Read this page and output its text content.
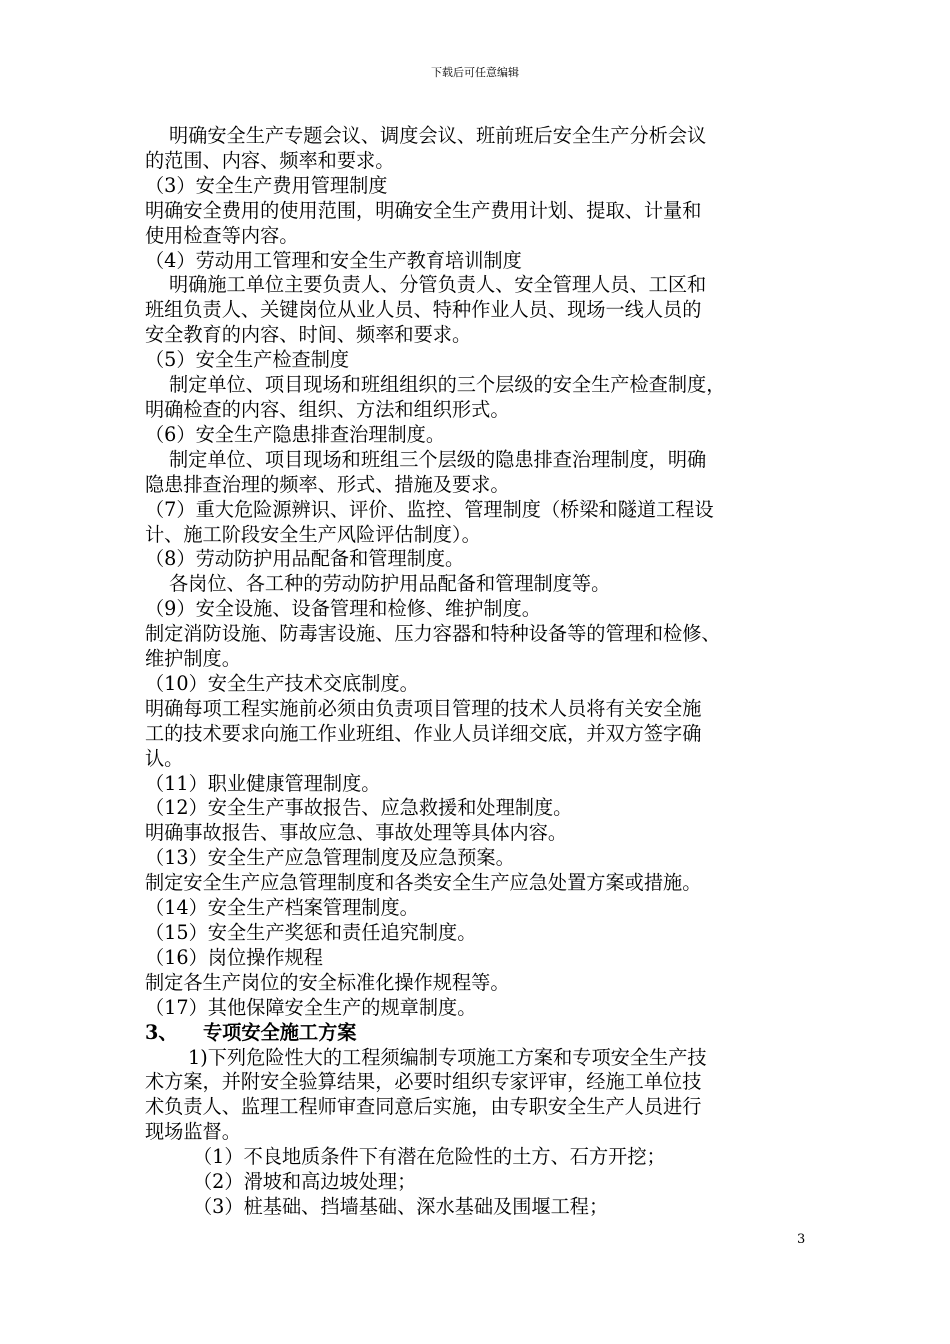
下载后可任意编辑
明确安全生产专题会议、调度会议、班前班后安全生产分析会议
的范围、内容、频率和要求。
（3）安全生产费用管理制度
明确安全费用的使用范围，明确安全生产费用计划、提取、计量和
使用检查等内容。
（4）劳动用工管理和安全生产教育培训制度
明确施工单位主要负责人、分管负责人、安全管理人员、工区和
班组负责人、关键岗位从业人员、特种作业人员、现场一线人员的
安全教育的内容、时间、频率和要求。
（5）安全生产检查制度
制定单位、项目现场和班组组织的三个层级的安全生产检查制度，
明确检查的内容、组织、方法和组织形式。
（6）安全生产隐患排查治理制度。
制定单位、项目现场和班组三个层级的隐患排查治理制度，明确
隐患排查治理的频率、形式、措施及要求。
（7）重大危险源辨识、评价、监控、管理制度（桥梁和隧道工程设
计、施工阶段安全生产风险评估制度）。
（8）劳动防护用品配备和管理制度。
各岗位、各工种的劳动防护用品配备和管理制度等。
（9）安全设施、设备管理和检修、维护制度。
制定消防设施、防毒害设施、压力容器和特种设备等的管理和检修、
维护制度。
（10）安全生产技术交底制度。
明确每项工程实施前必须由负责项目管理的技术人员将有关安全施
工的技术要求向施工作业班组、作业人员详细交底，并双方签字确
认。
（11）职业健康管理制度。
（12）安全生产事故报告、应急救援和处理制度。
明确事故报告、事故应急、事故处理等具体内容。
（13）安全生产应急管理制度及应急预案。
制定安全生产应急管理制度和各类安全生产应急处置方案或措施。
（14）安全生产档案管理制度。
（15）安全生产奖惩和责任追究制度。
（16）岗位操作规程
制定各生产岗位的安全标准化操作规程等。
（17）其他保障安全生产的规章制度。
3、 专项安全施工方案
1)下列危险性大的工程须编制专项施工方案和专项安全生产技
术方案，并附安全验算结果，必要时组织专家评审，经施工单位技
术负责人、监理工程师审查同意后实施，由专职安全生产人员进行
现场监督。
（1）不良地质条件下有潜在危险性的土方、石方开挖；
（2）滑坡和高边坡处理；
（3）桩基础、挡墙基础、深水基础及围堰工程；
3
